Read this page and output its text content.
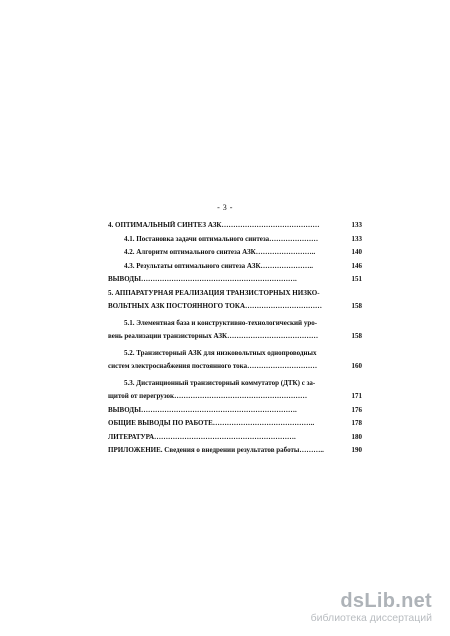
- 3 -
4. ОПТИМАЛЬНЫЙ СИНТЕЗ АЗК……………………………………	133
4.1. Постановка задачи оптимального синтеза…………………	133
4.2. Алгоритм оптимального синтеза АЗК……………………..	140
4.3. Результаты оптимального синтеза АЗК…………………..	146
ВЫВОДЫ………………………………………………………….	151
5. АППАРАТУРНАЯ РЕАЛИЗАЦИЯ ТРАНЗИСТОРНЫХ НИЗКО-
ВОЛЬТНЫХ АЗК ПОСТОЯННОГО ТОКА……………………………	158
5.1. Элементная база и конструктивно-технологический уро-
вень реализации транзисторных АЗК…………………………………	158
5.2. Транзисторный АЗК для низковольтных однопроводных
систем электроснабжения постоянного тока…………………………	160
5.3. Дистанционный транзисторный коммутатор (ДТК) с за-
щитой от перегрузок…………………………………………………	171
ВЫВОДЫ………………………………………………………….	176
ОБЩИЕ ВЫВОДЫ ПО РАБОТЕ……………………………………..	178
ЛИТЕРАТУРА…………………………………………………….	180
ПРИЛОЖЕНИЕ. Сведения о внедрении результатов работы………..	190
dsLib.net
библиотека диссертаций
